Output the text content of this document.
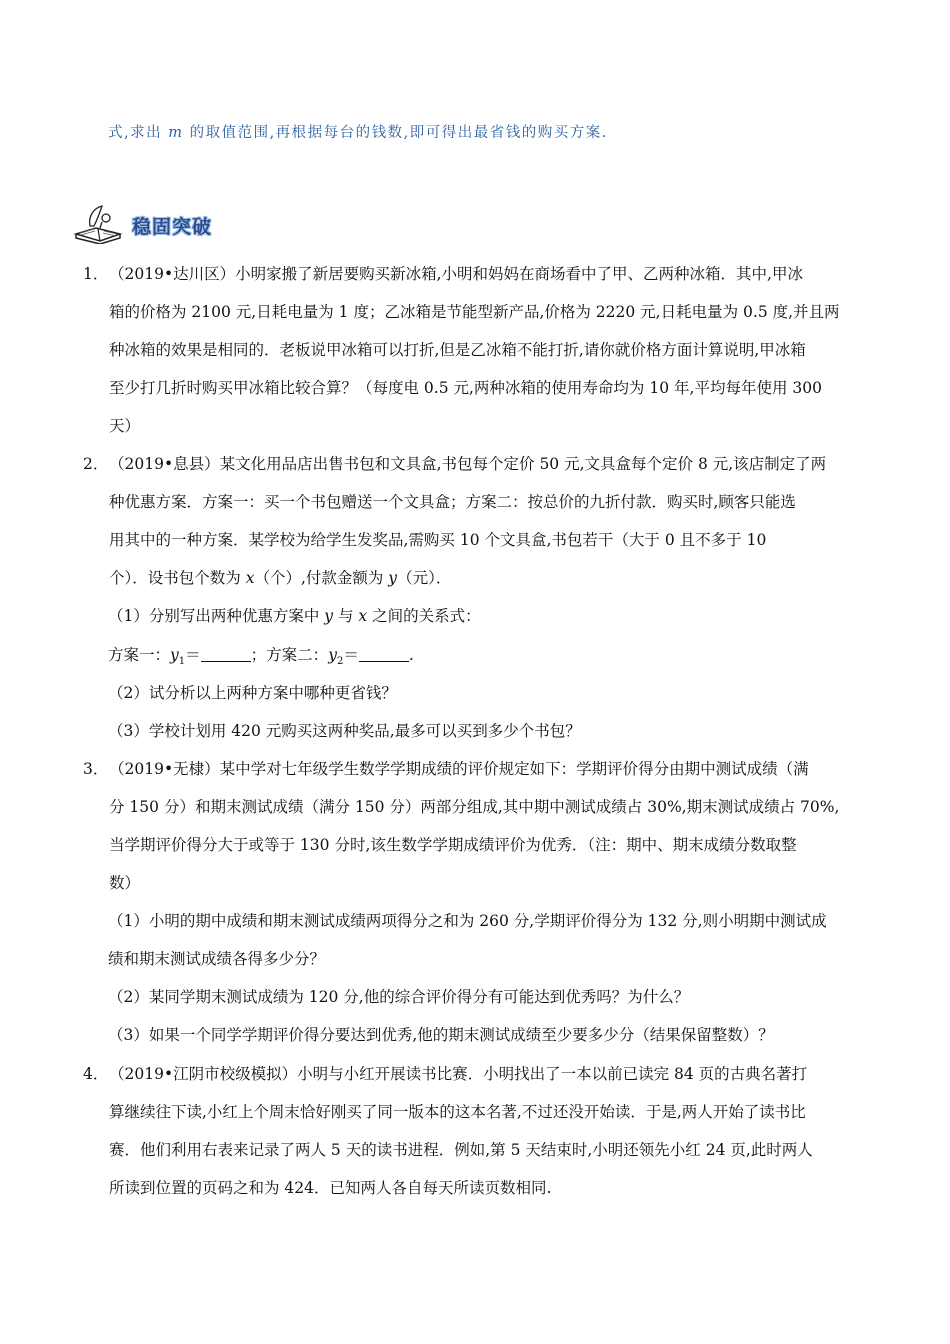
式,求出 m 的取值范围,再根据每台的钱数,即可得出最省钱的购买方案.
稳固突破
1． （2019•达川区）小明家搬了新居要购买新冰箱,小明和妈妈在商场看中了甲、乙两种冰箱．其中,甲冰
箱的价格为 2100 元,日耗电量为 1 度；乙冰箱是节能型新产品,价格为 2220 元,日耗电量为 0.5 度,并且两
种冰箱的效果是相同的．老板说甲冰箱可以打折,但是乙冰箱不能打折,请你就价格方面计算说明,甲冰箱
至少打几折时购买甲冰箱比较合算？（每度电 0.5 元,两种冰箱的使用寿命均为 10 年,平均每年使用 300
天）
2． （2019•息县）某文化用品店出售书包和文具盒,书包每个定价 50 元,文具盒每个定价 8 元,该店制定了两
种优惠方案．方案一：买一个书包赠送一个文具盒；方案二：按总价的九折付款．购买时,顾客只能选
用其中的一种方案．某学校为给学生发奖品,需购买 10 个文具盒,书包若干（大于 0 且不多于 10
个）．设书包个数为 x（个）,付款金额为 y（元）．
（1）分别写出两种优惠方案中 y 与 x 之间的关系式：
方案一：$y_1=$	；方案二：$y_2=$	.
（2）试分析以上两种方案中哪种更省钱？
（3）学校计划用 420 元购买这两种奖品,最多可以买到多少个书包？
3． （2019•无棣）某中学对七年级学生数学学期成绩的评价规定如下：学期评价得分由期中测试成绩（满
分 150 分）和期末测试成绩（满分 150 分）两部分组成,其中期中测试成绩占 30%,期末测试成绩占 70%,
当学期评价得分大于或等于 130 分时,该生数学学期成绩评价为优秀．（注：期中、期末成绩分数取整
数）
（1）小明的期中成绩和期末测试成绩两项得分之和为 260 分,学期评价得分为 132 分,则小明期中测试成
绩和期末测试成绩各得多少分？
（2）某同学期末测试成绩为 120 分,他的综合评价得分有可能达到优秀吗？为什么？
（3）如果一个同学学期评价得分要达到优秀,他的期末测试成绩至少要多少分（结果保留整数）？
4． （2019•江阴市校级模拟）小明与小红开展读书比赛．小明找出了一本以前已读完 84 页的古典名著打
算继续往下读,小红上个周末恰好刚买了同一版本的这本名著,不过还没开始读．于是,两人开始了读书比
赛．他们利用右表来记录了两人 5 天的读书进程．例如,第 5 天结束时,小明还领先小红 24 页,此时两人
所读到位置的页码之和为 424．已知两人各自每天所读页数相同.
